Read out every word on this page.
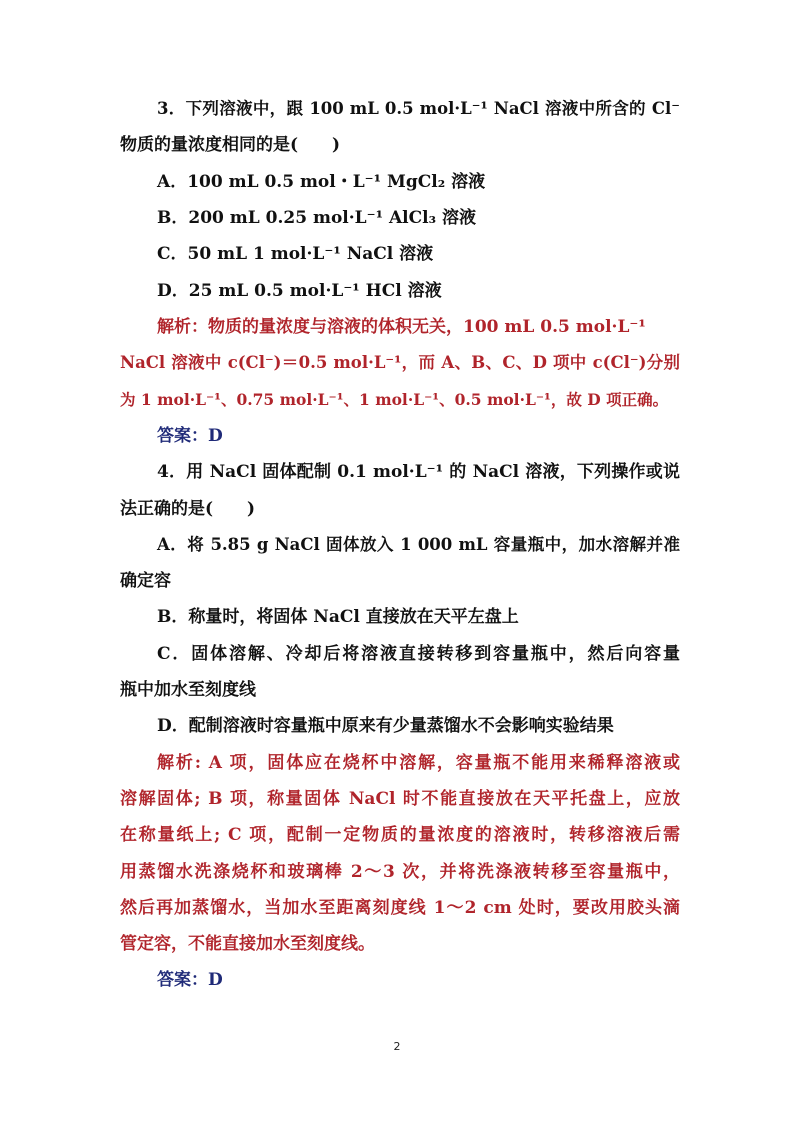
3．下列溶液中，跟 100 mL 0.5 mol·L⁻¹ NaCl 溶液中所含的 Cl⁻
物质的量浓度相同的是(　　)
A．100 mL 0.5 mol・L⁻¹ MgCl₂ 溶液
B．200 mL 0.25 mol·L⁻¹ AlCl₃ 溶液
C．50 mL 1 mol·L⁻¹ NaCl 溶液
D．25 mL 0.5 mol·L⁻¹ HCl 溶液
解析：物质的量浓度与溶液的体积无关，100 mL 0.5 mol·L⁻¹
NaCl 溶液中 c(Cl⁻)＝0.5 mol·L⁻¹，而 A、B、C、D 项中 c(Cl⁻)分别
为 1 mol·L⁻¹、0.75 mol·L⁻¹、1 mol·L⁻¹、0.5 mol·L⁻¹，故 D 项正确。
答案：D
4．用 NaCl 固体配制 0.1 mol·L⁻¹ 的 NaCl 溶液，下列操作或说
法正确的是(　　)
A．将 5.85 g NaCl 固体放入 1 000 mL 容量瓶中，加水溶解并准
确定容
B．称量时，将固体 NaCl 直接放在天平左盘上
C．固体溶解、冷却后将溶液直接转移到容量瓶中，然后向容量
瓶中加水至刻度线
D．配制溶液时容量瓶中原来有少量蒸馏水不会影响实验结果
解析: A 项，固体应在烧杯中溶解，容量瓶不能用来稀释溶液或
溶解固体; B 项，称量固体 NaCl 时不能直接放在天平托盘上，应放
在称量纸上; C 项，配制一定物质的量浓度的溶液时，转移溶液后需
用蒸馏水洗涤烧杯和玻璃棒 2～3 次，并将洗涤液转移至容量瓶中，
然后再加蒸馏水，当加水至距离刻度线 1～2 cm 处时，要改用胶头滴
管定容，不能直接加水至刻度线。
答案：D
2
